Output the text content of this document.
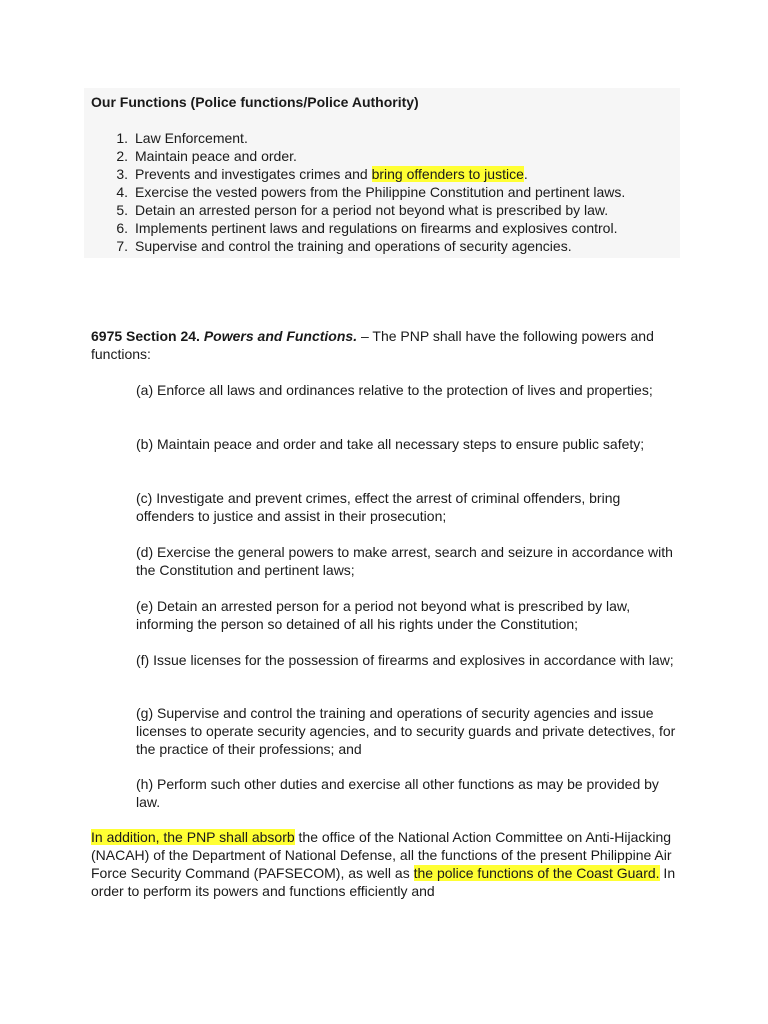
Our Functions (Police functions/Police Authority)
1. Law Enforcement.
2. Maintain peace and order.
3. Prevents and investigates crimes and bring offenders to justice.
4. Exercise the vested powers from the Philippine Constitution and pertinent laws.
5. Detain an arrested person for a period not beyond what is prescribed by law.
6. Implements pertinent laws and regulations on firearms and explosives control.
7. Supervise and control the training and operations of security agencies.
6975 Section 24. Powers and Functions. – The PNP shall have the following powers and functions:
(a) Enforce all laws and ordinances relative to the protection of lives and properties;
(b) Maintain peace and order and take all necessary steps to ensure public safety;
(c) Investigate and prevent crimes, effect the arrest of criminal offenders, bring offenders to justice and assist in their prosecution;
(d) Exercise the general powers to make arrest, search and seizure in accordance with the Constitution and pertinent laws;
(e) Detain an arrested person for a period not beyond what is prescribed by law, informing the person so detained of all his rights under the Constitution;
(f) Issue licenses for the possession of firearms and explosives in accordance with law;
(g) Supervise and control the training and operations of security agencies and issue licenses to operate security agencies, and to security guards and private detectives, for the practice of their professions; and
(h) Perform such other duties and exercise all other functions as may be provided by law.
In addition, the PNP shall absorb the office of the National Action Committee on Anti-Hijacking (NACAH) of the Department of National Defense, all the functions of the present Philippine Air Force Security Command (PAFSECOM), as well as the police functions of the Coast Guard. In order to perform its powers and functions efficiently and
